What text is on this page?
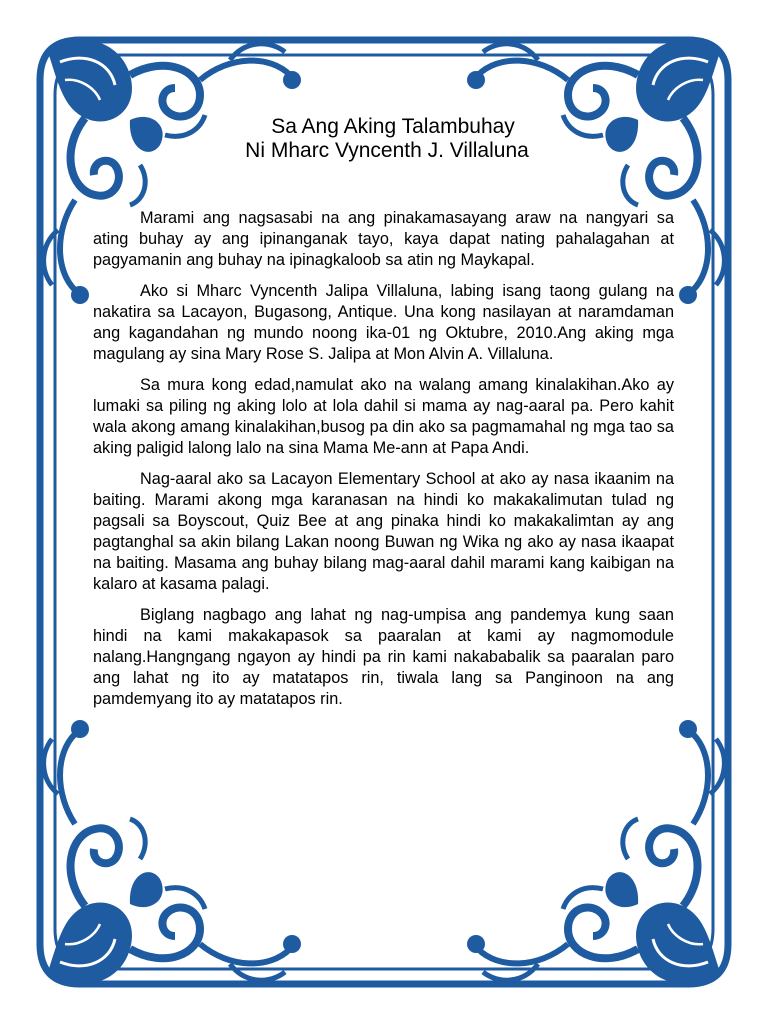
Sa Ang Aking Talambuhay
Ni Mharc Vyncenth J. Villaluna

Marami ang nagsasabi na ang pinakamasayang araw na nangyari sa ating buhay ay ang ipinanganak tayo, kaya dapat nating pahalagahan at pagyamanin ang buhay na ipinagkaloob sa atin ng Maykapal.

Ako si Mharc Vyncenth Jalipa Villaluna, labing isang taong gulang na nakatira sa Lacayon, Bugasong, Antique. Una kong nasilayan at naramdaman ang kagandahan ng mundo noong ika-01 ng Oktubre, 2010.Ang aking mga magulang ay sina Mary Rose S. Jalipa at Mon Alvin A. Villaluna.

Sa mura kong edad,namulat ako na walang amang kinalakihan.Ako ay lumaki sa piling ng aking lolo at lola dahil si mama ay nag-aaral pa. Pero kahit wala akong amang kinalakihan,busog pa din ako sa pagmamahal ng mga tao sa aking paligid lalong lalo na sina Mama Me-ann at Papa Andi.

Nag-aaral ako sa Lacayon Elementary School at ako ay nasa ikaanim na baiting. Marami akong mga karanasan na hindi ko makakalimutan tulad ng pagsali sa Boyscout, Quiz Bee at ang pinaka hindi ko makakalimtan ay ang pagtanghal sa akin bilang Lakan noong Buwan ng Wika ng ako ay nasa ikaapat na baiting. Masama ang buhay bilang mag-aaral dahil marami kang kaibigan na kalaro at kasama palagi.

Biglang nagbago ang lahat ng nag-umpisa ang pandemya kung saan hindi na kami makakapasok sa paaralan at kami ay nagmomodule nalang.Hangngang ngayon ay hindi pa rin kami nakababalik sa paaralan paro ang lahat ng ito ay matatapos rin, tiwala lang sa Panginoon na ang pamdemyang ito ay matatapos rin.
